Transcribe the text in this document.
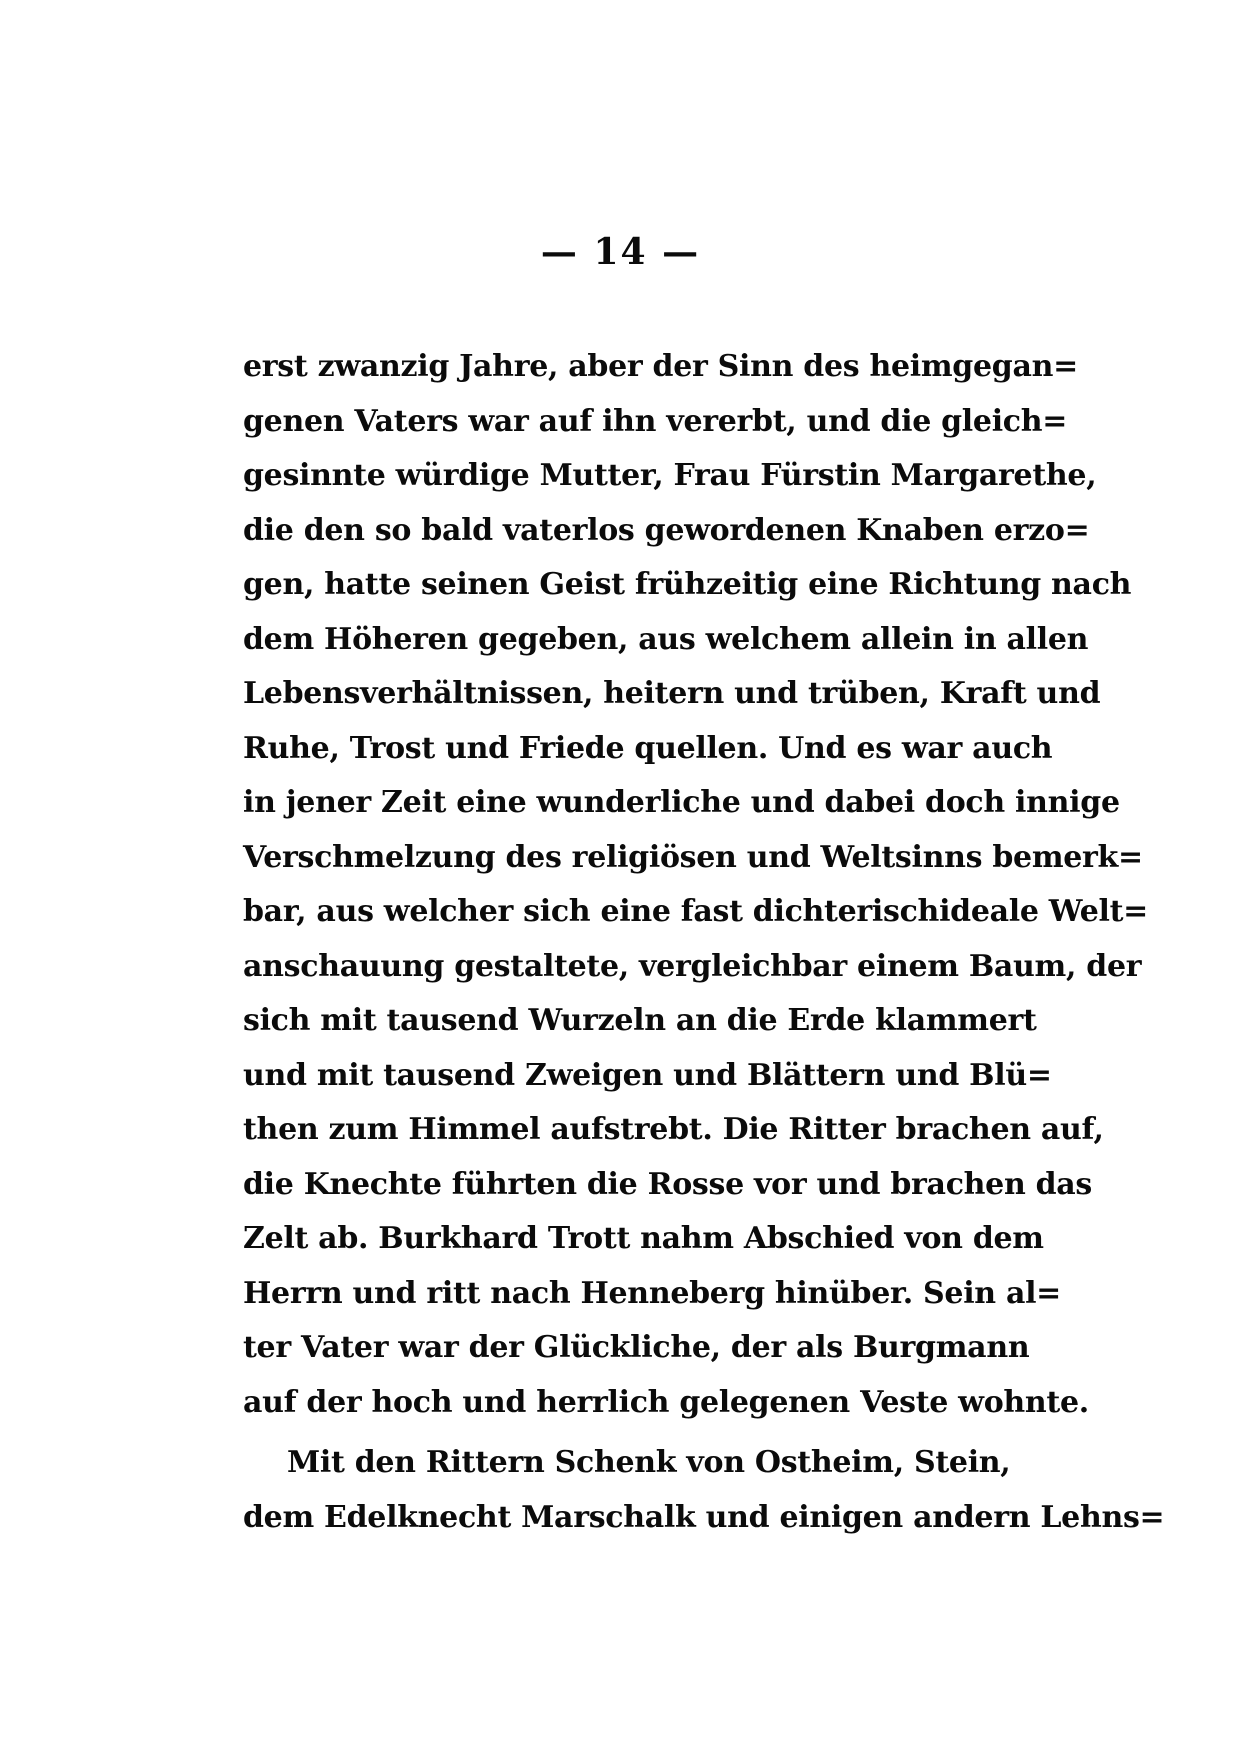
— 14 —
erst zwanzig Jahre, aber der Sinn des heimgegan=
genen Vaters war auf ihn vererbt, und die gleich=
gesinnte würdige Mutter, Frau Fürstin Margarethe,
die den so bald vaterlos gewordenen Knaben erzo=
gen, hatte seinen Geist frühzeitig eine Richtung nach
dem Höheren gegeben, aus welchem allein in allen
Lebensverhältnissen, heitern und trüben, Kraft und
Ruhe, Trost und Friede quellen. Und es war auch
in jener Zeit eine wunderliche und dabei doch innige
Verschmelzung des religiösen und Weltsinns bemerk=
bar, aus welcher sich eine fast dichterischideale Welt=
anschauung gestaltete, vergleichbar einem Baum, der
sich mit tausend Wurzeln an die Erde klammert
und mit tausend Zweigen und Blättern und Blü=
then zum Himmel aufstrebt. Die Ritter brachen auf,
die Knechte führten die Rosse vor und brachen das
Zelt ab. Burkhard Trott nahm Abschied von dem
Herrn und ritt nach Henneberg hinüber. Sein al=
ter Vater war der Glückliche, der als Burgmann
auf der hoch und herrlich gelegenen Veste wohnte.
Mit den Rittern Schenk von Ostheim, Stein,
dem Edelknecht Marschalk und einigen andern Lehns=
